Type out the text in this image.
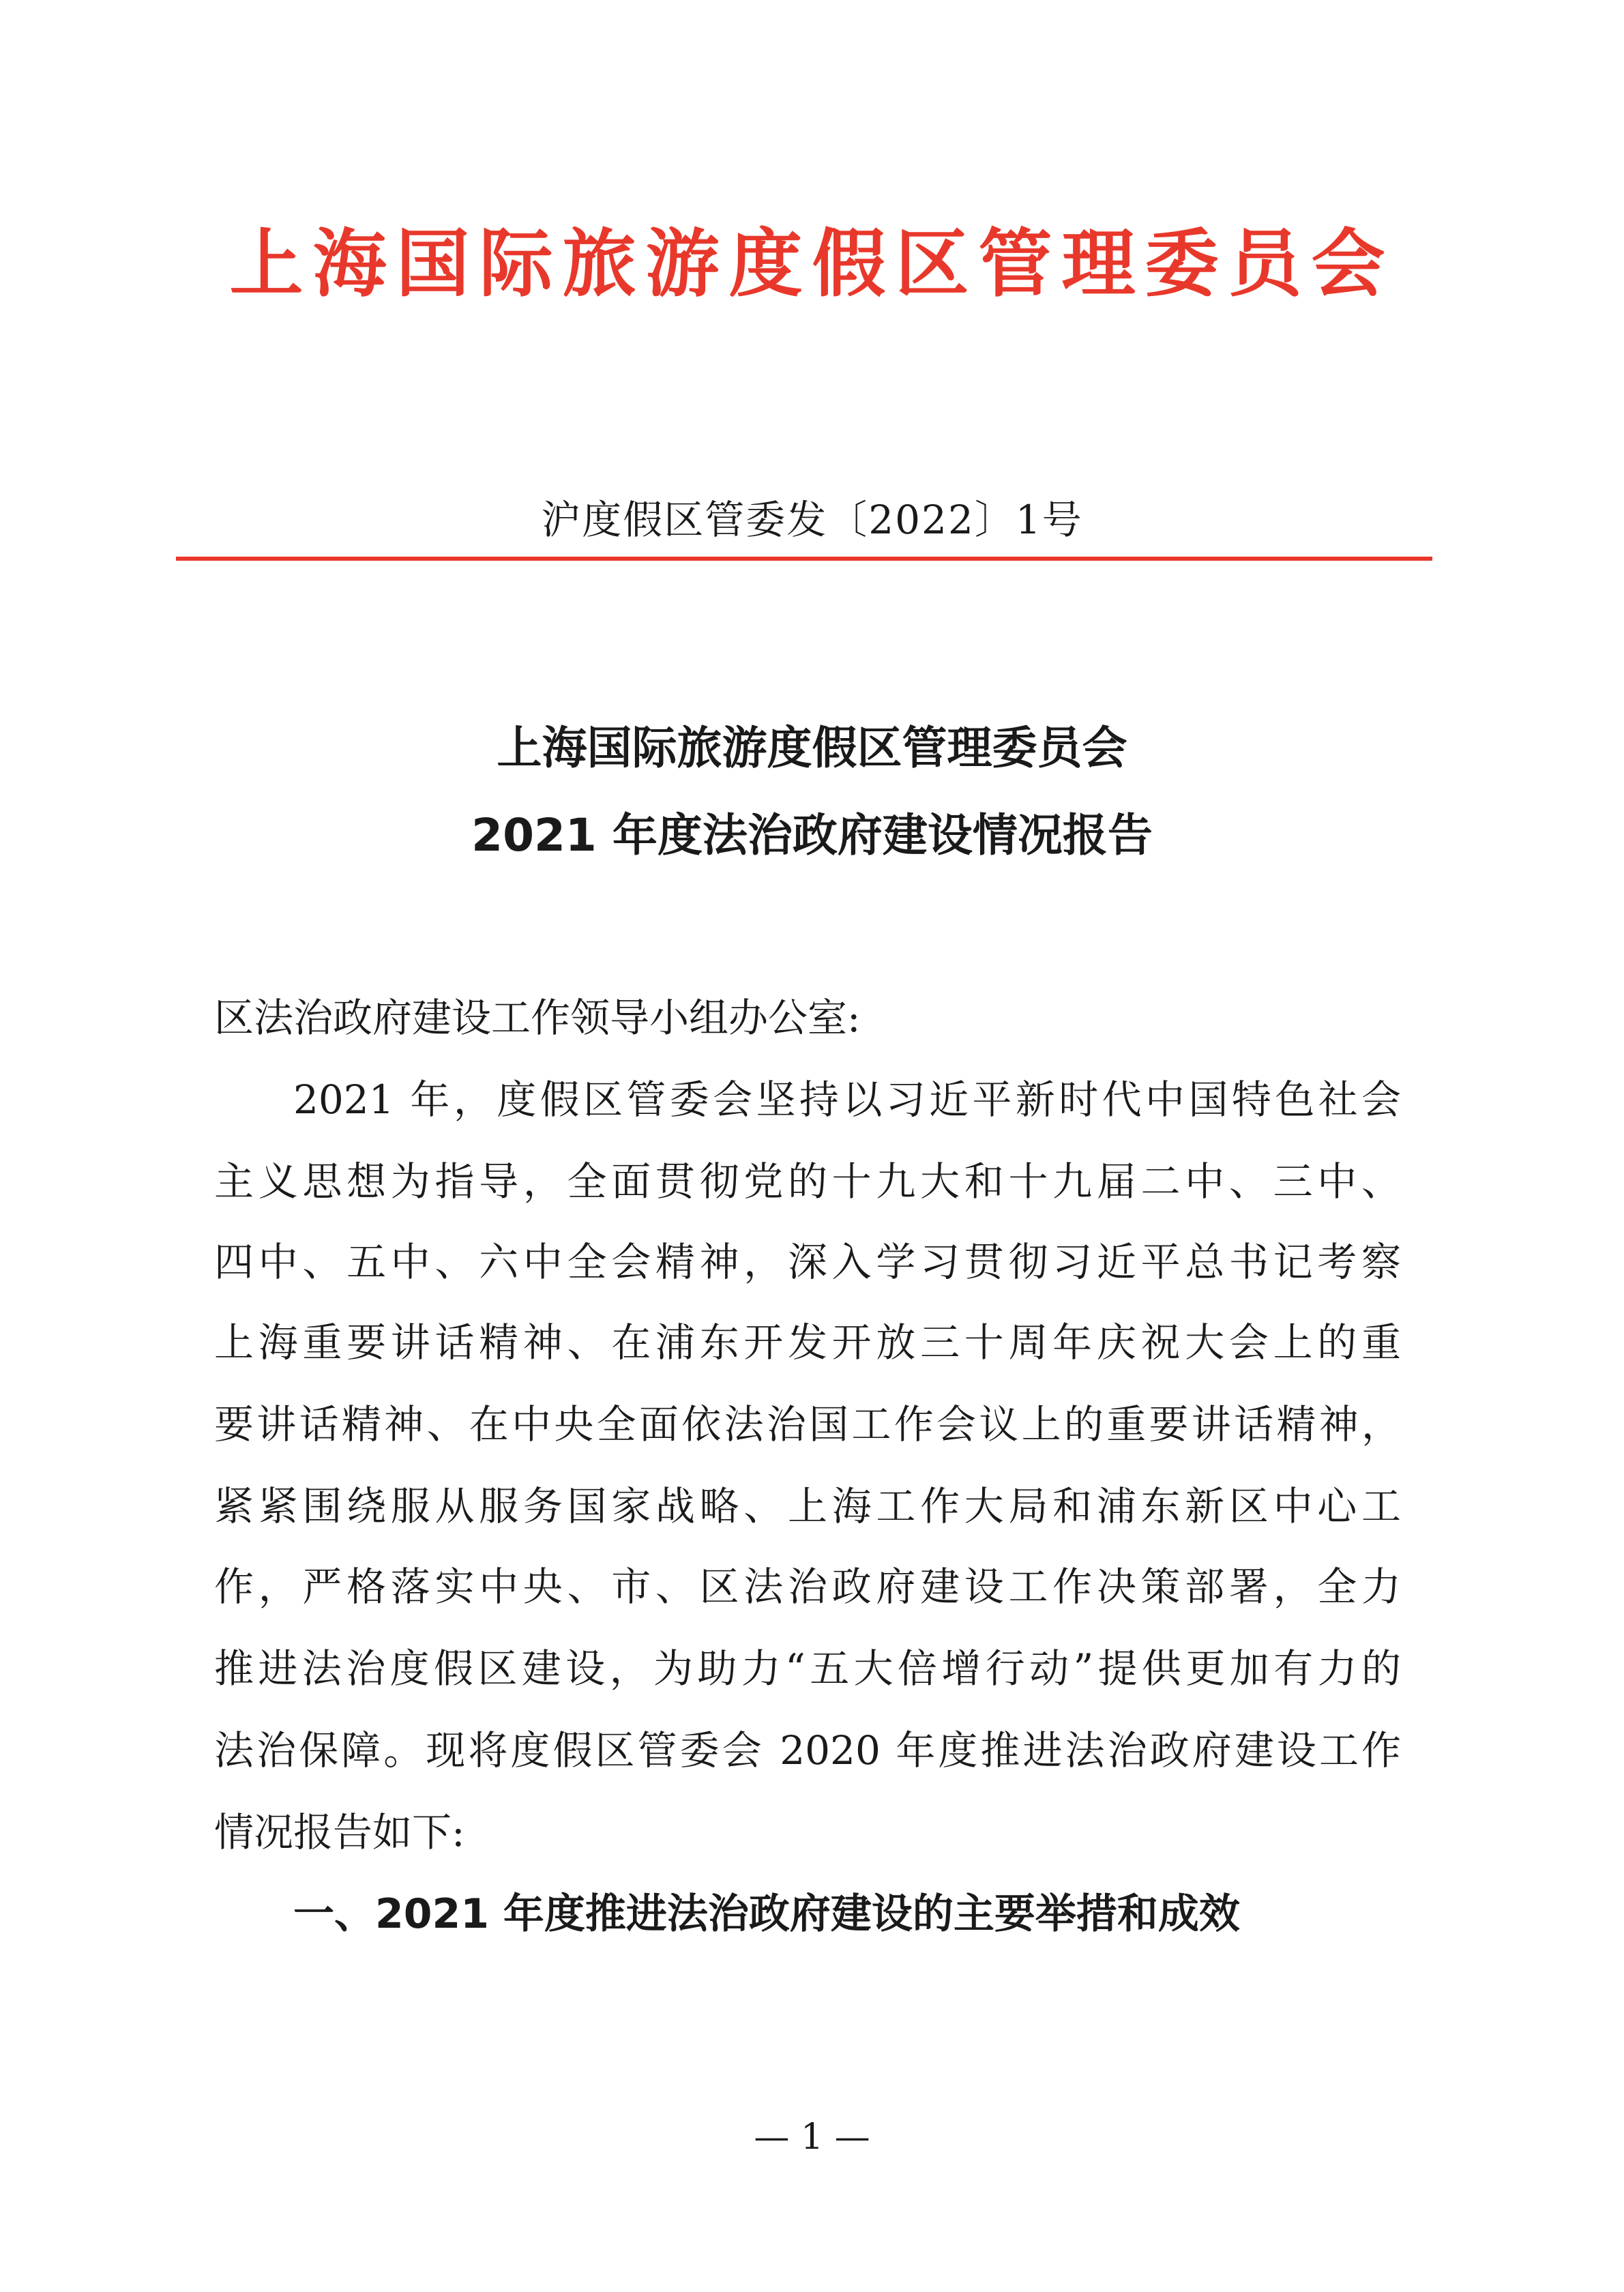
上海国际旅游度假区管理委员会
沪度假区管委发〔2022〕1号
上海国际旅游度假区管理委员会
2021 年度法治政府建设情况报告
区法治政府建设工作领导小组办公室:
2021 年，度假区管委会坚持以习近平新时代中国特色社会
主义思想为指导，全面贯彻党的十九大和十九届二中、三中、
四中、五中、六中全会精神，深入学习贯彻习近平总书记考察
上海重要讲话精神、在浦东开发开放三十周年庆祝大会上的重
要讲话精神、在中央全面依法治国工作会议上的重要讲话精神，
紧紧围绕服从服务国家战略、上海工作大局和浦东新区中心工
作，严格落实中央、市、区法治政府建设工作决策部署，全力
推进法治度假区建设，为助力“五大倍增行动”提供更加有力的
法治保障。现将度假区管委会 2020 年度推进法治政府建设工作
情况报告如下:
一、2021 年度推进法治政府建设的主要举措和成效
— 1 —
